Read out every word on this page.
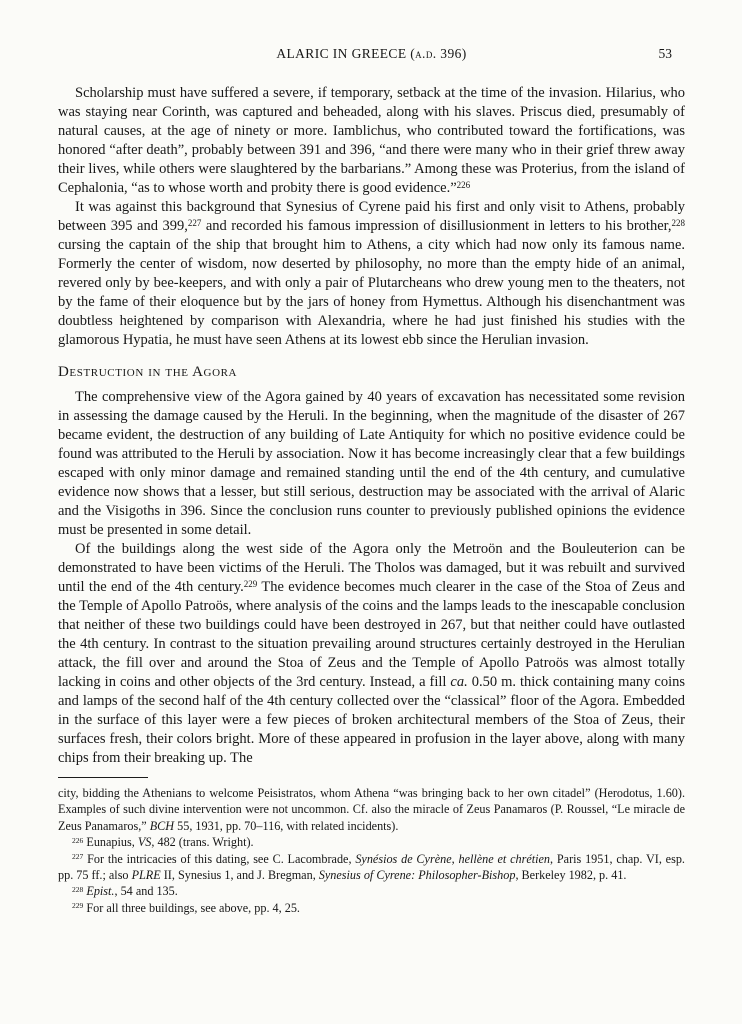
ALARIC IN GREECE (a.d. 396)	53

Scholarship must have suffered a severe, if temporary, setback at the time of the invasion. Hilarius, who was staying near Corinth, was captured and beheaded, along with his slaves. Priscus died, presumably of natural causes, at the age of ninety or more. Iamblichus, who contributed toward the fortifications, was honored “after death”, probably between 391 and 396, “and there were many who in their grief threw away their lives, while others were slaughtered by the barbarians.” Among these was Proterius, from the island of Cephalonia, “as to whose worth and probity there is good evidence.”$^{226}$

It was against this background that Synesius of Cyrene paid his first and only visit to Athens, probably between 395 and 399,$^{227}$ and recorded his famous impression of disillusionment in letters to his brother,$^{228}$ cursing the captain of the ship that brought him to Athens, a city which had now only its famous name. Formerly the center of wisdom, now deserted by philosophy, no more than the empty hide of an animal, revered only by bee-keepers, and with only a pair of Plutarcheans who drew young men to the theaters, not by the fame of their eloquence but by the jars of honey from Hymettus. Although his disenchantment was doubtless heightened by comparison with Alexandria, where he had just finished his studies with the glamorous Hypatia, he must have seen Athens at its lowest ebb since the Herulian invasion.

Destruction in the Agora

The comprehensive view of the Agora gained by 40 years of excavation has necessitated some revision in assessing the damage caused by the Heruli. In the beginning, when the magnitude of the disaster of 267 became evident, the destruction of any building of Late Antiquity for which no positive evidence could be found was attributed to the Heruli by association. Now it has become increasingly clear that a few buildings escaped with only minor damage and remained standing until the end of the 4th century, and cumulative evidence now shows that a lesser, but still serious, destruction may be associated with the arrival of Alaric and the Visigoths in 396. Since the conclusion runs counter to previously published opinions the evidence must be presented in some detail.

Of the buildings along the west side of the Agora only the Metroön and the Bouleuterion can be demonstrated to have been victims of the Heruli. The Tholos was damaged, but it was rebuilt and survived until the end of the 4th century.$^{229}$ The evidence becomes much clearer in the case of the Stoa of Zeus and the Temple of Apollo Patroös, where analysis of the coins and the lamps leads to the inescapable conclusion that neither of these two buildings could have been destroyed in 267, but that neither could have outlasted the 4th century. In contrast to the situation prevailing around structures certainly destroyed in the Herulian attack, the fill over and around the Stoa of Zeus and the Temple of Apollo Patroös was almost totally lacking in coins and other objects of the 3rd century. Instead, a fill ca. 0.50 m. thick containing many coins and lamps of the second half of the 4th century collected over the “classical” floor of the Agora. Embedded in the surface of this layer were a few pieces of broken architectural members of the Stoa of Zeus, their surfaces fresh, their colors bright. More of these appeared in profusion in the layer above, along with many chips from their breaking up. The

city, bidding the Athenians to welcome Peisistratos, whom Athena “was bringing back to her own citadel” (Herodotus, 1.60). Examples of such divine intervention were not uncommon. Cf. also the miracle of Zeus Panamaros (P. Roussel, “Le miracle de Zeus Panamaros,” BCH 55, 1931, pp. 70–116, with related incidents).

$^{226}$ Eunapius, VS, 482 (trans. Wright).

$^{227}$ For the intricacies of this dating, see C. Lacombrade, Synésios de Cyrène, hellène et chrétien, Paris 1951, chap. VI, esp. pp. 75 ff.; also PLRE II, Synesius 1, and J. Bregman, Synesius of Cyrene: Philosopher-Bishop, Berkeley 1982, p. 41.

$^{228}$ Epist., 54 and 135.

$^{229}$ For all three buildings, see above, pp. 4, 25.
